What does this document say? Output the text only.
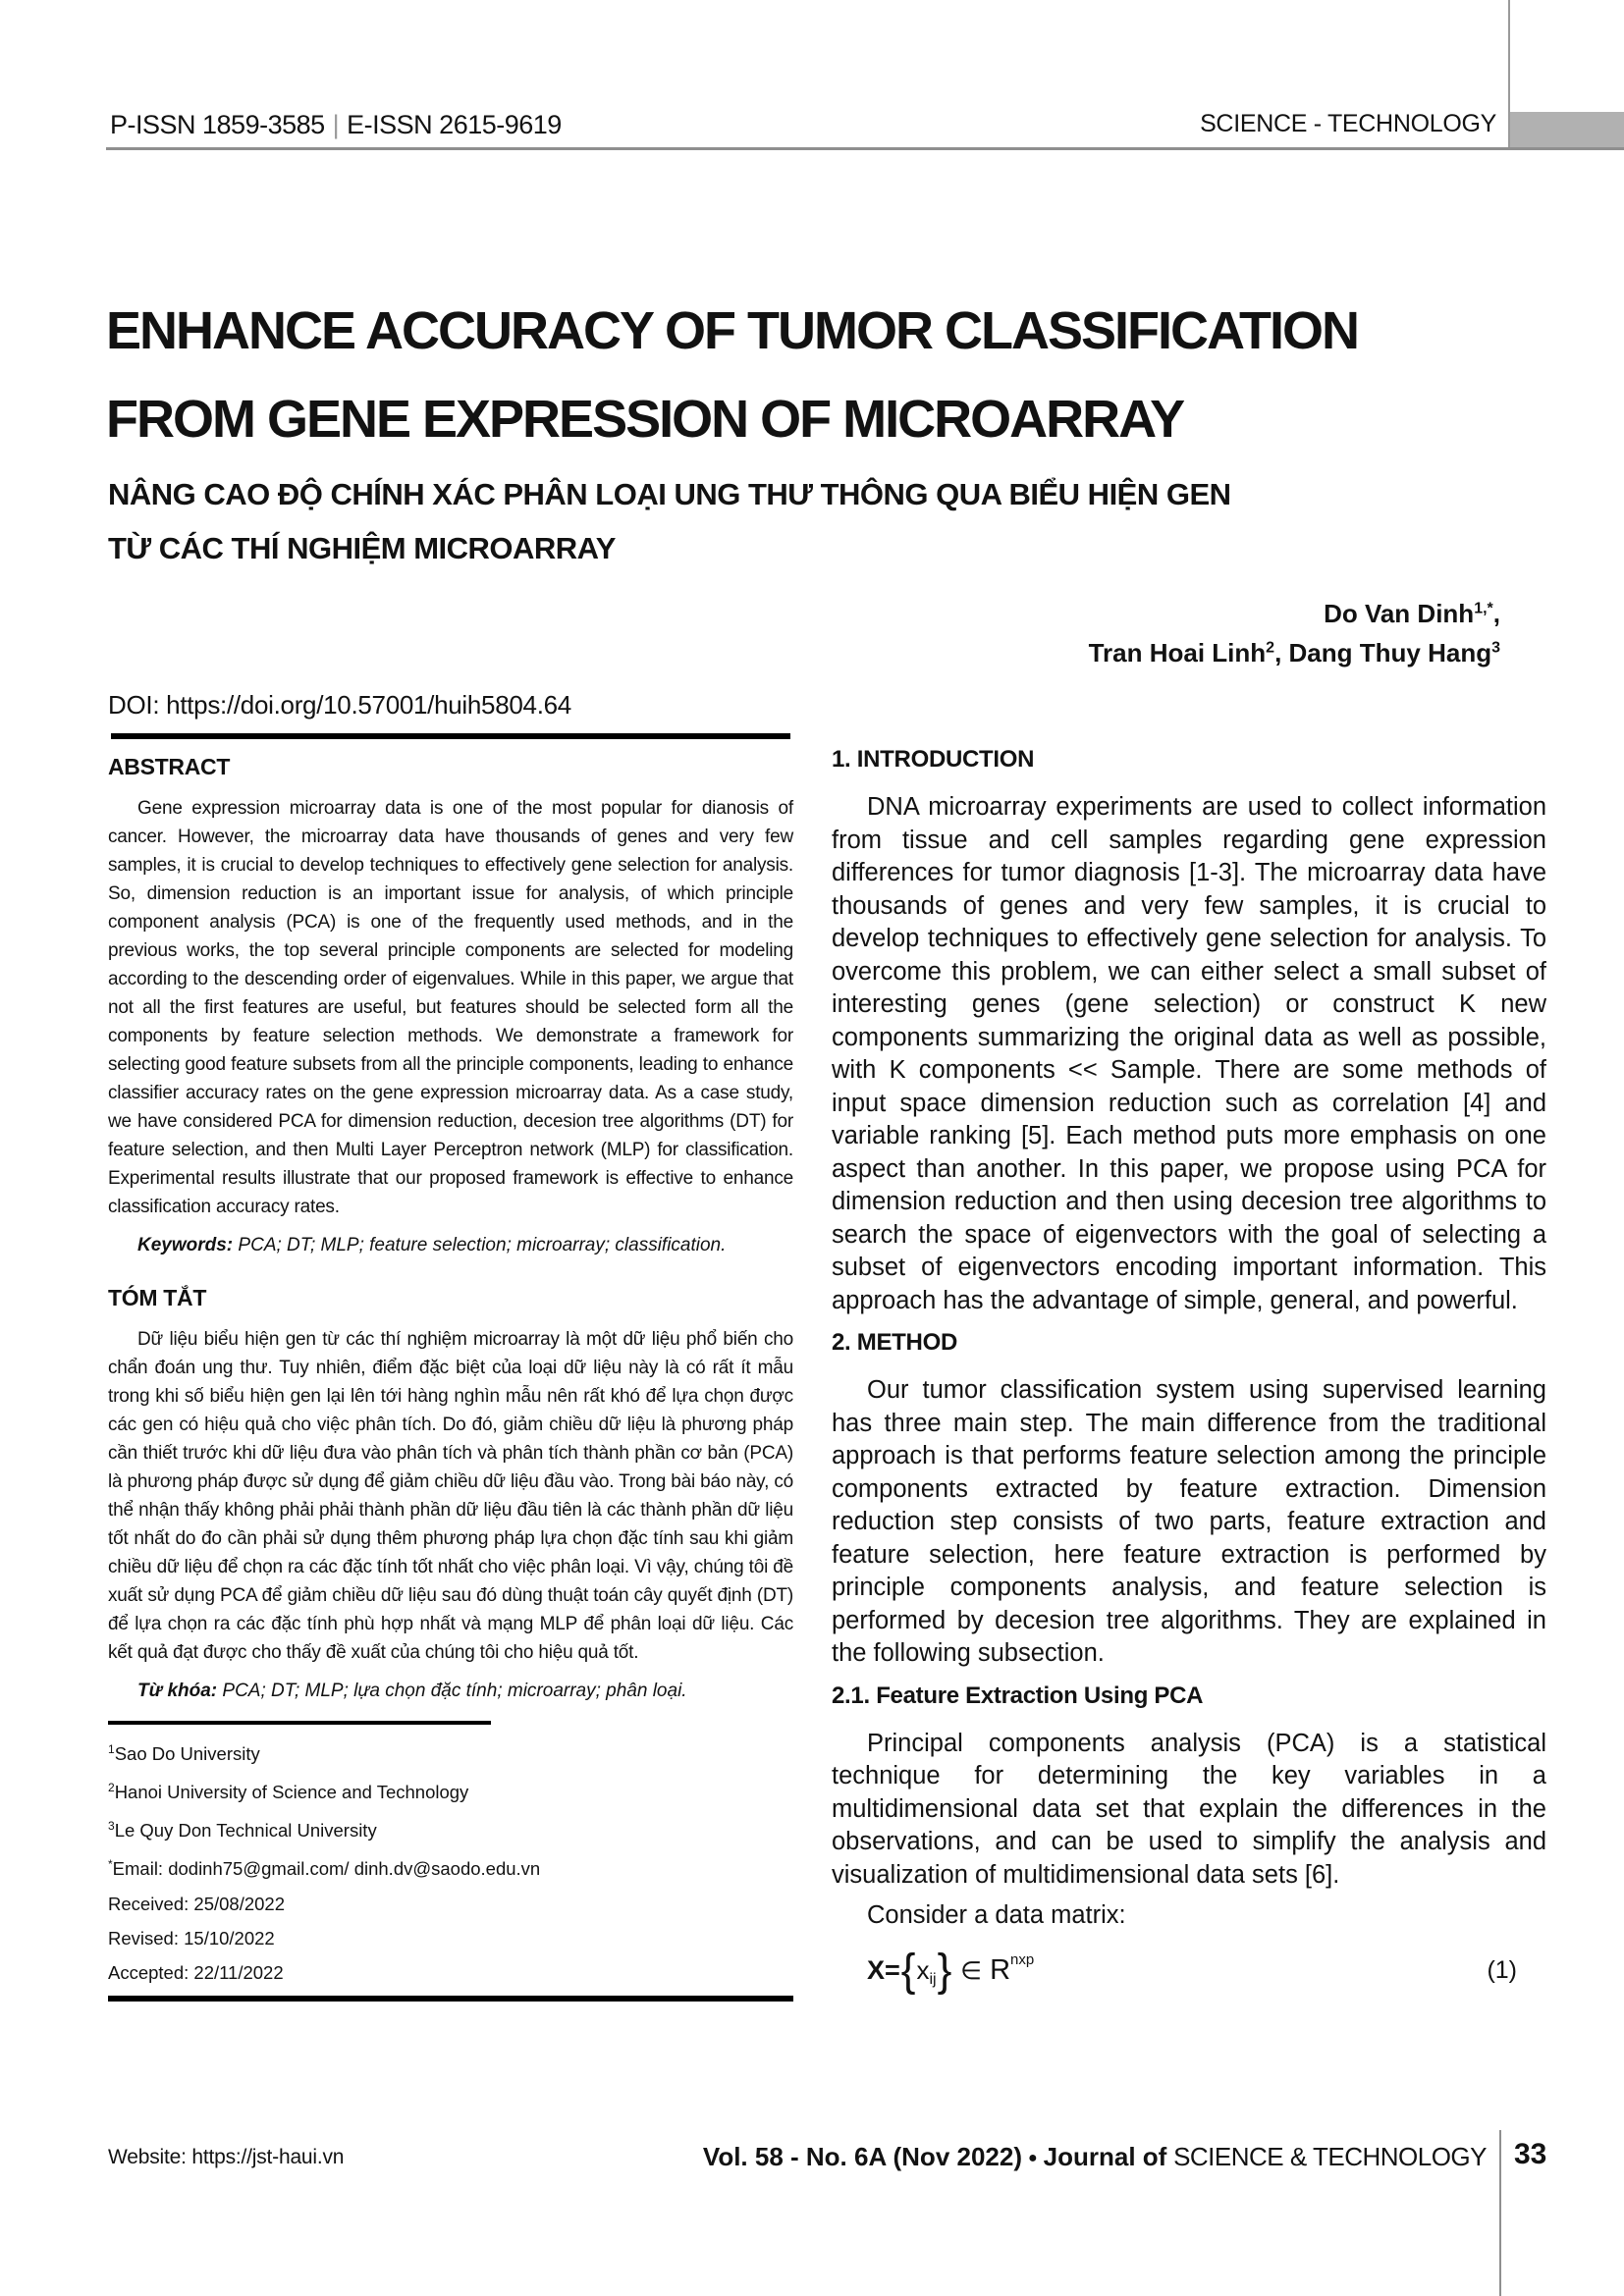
P-ISSN 1859-3585 | E-ISSN 2615-9619	SCIENCE - TECHNOLOGY
ENHANCE ACCURACY OF TUMOR CLASSIFICATION
FROM GENE EXPRESSION OF MICROARRAY
NÂNG CAO ĐỘ CHÍNH XÁC PHÂN LOẠI UNG THƯ THÔNG QUA BIỂU HIỆN GEN
TỪ CÁC THÍ NGHIỆM MICROARRAY
Do Van Dinh$^{1,*}$,
Tran Hoai Linh$^2$, Dang Thuy Hang$^3$
DOI: https://doi.org/10.57001/huih5804.64
ABSTRACT

Gene expression microarray data is one of the most popular for dianosis of cancer. However, the microarray data have thousands of genes and very few samples, it is crucial to develop techniques to effectively gene selection for analysis. So, dimension reduction is an important issue for analysis, of which principle component analysis (PCA) is one of the frequently used methods, and in the previous works, the top several principle components are selected for modeling according to the descending order of eigenvalues. While in this paper, we argue that not all the first features are useful, but features should be selected form all the components by feature selection methods. We demonstrate a framework for selecting good feature subsets from all the principle components, leading to enhance classifier accuracy rates on the gene expression microarray data. As a case study, we have considered PCA for dimension reduction, decesion tree algorithms (DT) for feature selection, and then Multi Layer Perceptron network (MLP) for classification. Experimental results illustrate that our proposed framework is effective to enhance classification accuracy rates.

Keywords: PCA; DT; MLP; feature selection; microarray; classification.

TÓM TẮT

Dữ liệu biểu hiện gen từ các thí nghiệm microarray là một dữ liệu phổ biến cho chẩn đoán ung thư. Tuy nhiên, điểm đặc biệt của loại dữ liệu này là có rất ít mẫu trong khi số biểu hiện gen lại lên tới hàng nghìn mẫu nên rất khó để lựa chọn được các gen có hiệu quả cho việc phân tích. Do đó, giảm chiều dữ liệu là phương pháp cần thiết trước khi dữ liệu đưa vào phân tích và phân tích thành phần cơ bản (PCA) là phương pháp được sử dụng để giảm chiều dữ liệu đầu vào. Trong bài báo này, có thể nhận thấy không phải phải thành phần dữ liệu đầu tiên là các thành phần dữ liệu tốt nhất do đo cần phải sử dụng thêm phương pháp lựa chọn đặc tính sau khi giảm chiều dữ liệu để chọn ra các đặc tính tốt nhất cho việc phân loại. Vì vậy, chúng tôi đề xuất sử dụng PCA để giảm chiều dữ liệu sau đó dùng thuật toán cây quyết định (DT) để lựa chọn ra các đặc tính phù hợp nhất và mạng MLP để phân loại dữ liệu. Các kết quả đạt được cho thấy đề xuất của chúng tôi cho hiệu quả tốt.

Từ khóa: PCA; DT; MLP; lựa chọn đặc tính; microarray; phân loại.

$^1$Sao Do University
$^2$Hanoi University of Science and Technology
$^3$Le Quy Don Technical University
*Email: dodinh75@gmail.com/ dinh.dv@saodo.edu.vn
Received: 25/08/2022
Revised: 15/10/2022
Accepted: 22/11/2022
1. INTRODUCTION

DNA microarray experiments are used to collect information from tissue and cell samples regarding gene expression differences for tumor diagnosis [1-3]. The microarray data have thousands of genes and very few samples, it is crucial to develop techniques to effectively gene selection for analysis. To overcome this problem, we can either select a small subset of interesting genes (gene selection) or construct K new components summarizing the original data as well as possible, with K components << Sample. There are some methods of input space dimension reduction such as correlation [4] and variable ranking [5]. Each method puts more emphasis on one aspect than another. In this paper, we propose using PCA for dimension reduction and then using decesion tree algorithms to search the space of eigenvectors with the goal of selecting a subset of eigenvectors encoding important information. This approach has the advantage of simple, general, and powerful.

2. METHOD

Our tumor classification system using supervised learning has three main step. The main difference from the traditional approach is that performs feature selection among the principle components extracted by feature extraction. Dimension reduction step consists of two parts, feature extraction and feature selection, here feature extraction is performed by principle components analysis, and feature selection is performed by decesion tree algorithms. They are explained in the following subsection.

2.1. Feature Extraction Using PCA

Principal components analysis (PCA) is a statistical technique for determining the key variables in a multidimensional data set that explain the differences in the observations, and can be used to simplify the analysis and visualization of multidimensional data sets [6].

Consider a data matrix:

X= { x ij } ∈ R nxp	(1)
Website: https://jst-haui.vn	Vol. 58 - No. 6A (Nov 2022) ● Journal of SCIENCE & TECHNOLOGY 33
